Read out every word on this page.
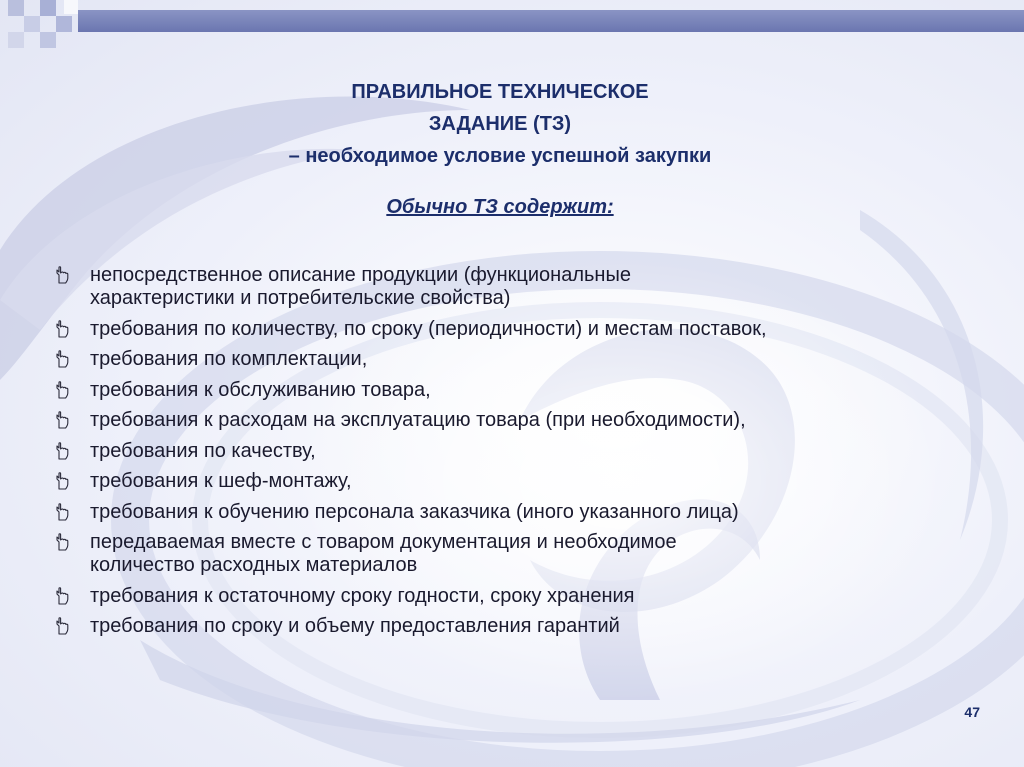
ПРАВИЛЬНОЕ ТЕХНИЧЕСКОЕ
ЗАДАНИЕ (ТЗ)
– необходимое условие успешной закупки
Обычно ТЗ содержит:
непосредственное описание продукции (функциональные
характеристики и потребительские свойства)
требования по количеству, по сроку (периодичности) и местам поставок,
требования по комплектации,
требования к обслуживанию товара,
требования к расходам на эксплуатацию товара (при необходимости),
требования по качеству,
требования к шеф-монтажу,
требования к обучению персонала заказчика (иного указанного лица)
передаваемая вместе с товаром документация и необходимое
количество расходных материалов
требования к остаточному сроку годности, сроку хранения
требования по сроку и объему предоставления гарантий
47
